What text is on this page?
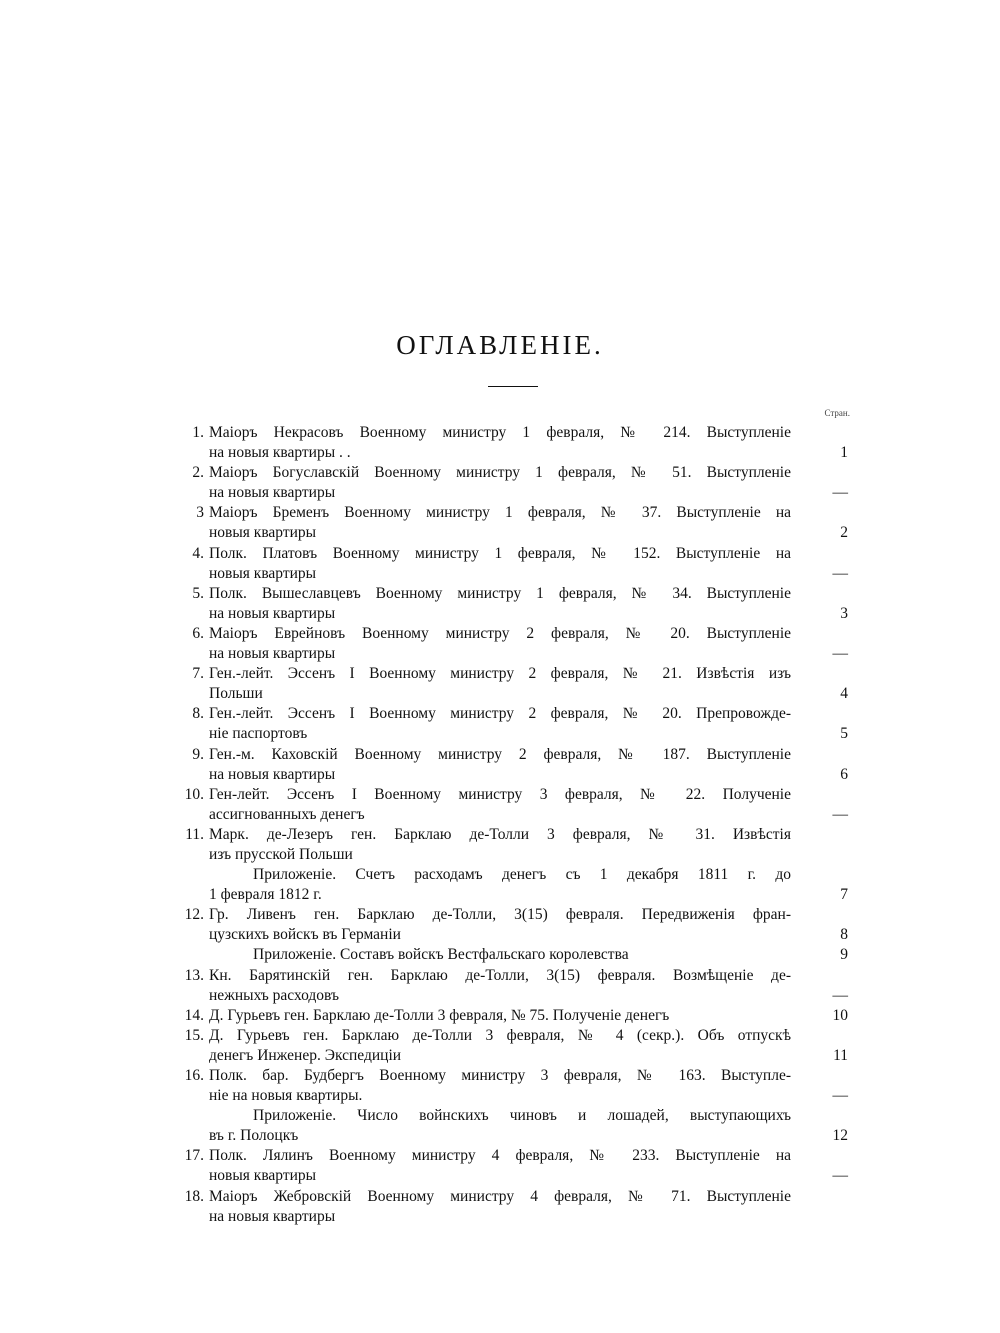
ОГЛАВЛЕНІЕ.
Стран.
1. Маіоръ Некрасовъ Военному министру 1 февраля, № 214. Выступленіе
на новыя квартиры . .	1
2. Маіоръ Богуславскій Военному министру 1 февраля, № 51. Выступленіе
на новыя квартиры	—
3 Маіоръ Бременъ Военному министру 1 февраля, № 37. Выступленіе на
новыя квартиры	2
4. Полк. Платовъ Военному министру 1 февраля, № 152. Выступленіе на
новыя квартиры	—
5. Полк. Вышеславцевъ Военному министру 1 февраля, № 34. Выступленіе
на новыя квартиры	3
6. Маіоръ Еврейновъ Военному министру 2 февраля, № 20. Выступленіе
на новыя квартиры	—
7. Ген.-лейт. Эссенъ I Военному министру 2 февраля, № 21. Извѣстія изъ
Польши	4
8. Ген.-лейт. Эссенъ I Военному министру 2 февраля, № 20. Препровожде-
ніе паспортовъ	5
9. Ген.-м. Каховскій Военному министру 2 февраля, № 187. Выступленіе
на новыя квартиры	6
10. Ген-лейт. Эссенъ I Военному министру 3 февраля, № 22. Полученіе
ассигнованныхъ денегъ	—
11. Марк. де-Лезеръ ген. Барклаю де-Толли 3 февраля, № 31. Извѣстія
изъ прусской Польши
Приложеніе. Счетъ расходамъ денегъ съ 1 декабря 1811 г. до
1 февраля 1812 г.	7
12. Гр. Ливенъ ген. Барклаю де-Толли, 3(15) февраля. Передвиженія фран-
цузскихъ войскъ въ Германіи	8
Приложеніе. Составъ войскъ Вестфальскаго королевства	9
13. Кн. Барятинскій ген. Барклаю де-Толли, 3(15) февраля. Возмѣщеніе де-
нежныхъ расходовъ	—
14. Д. Гурьевъ ген. Барклаю де-Толли 3 февраля, № 75. Полученіе денегъ	10
15. Д. Гурьевъ ген. Барклаю де-Толли 3 февраля, № 4 (секр.). Объ отпускѣ
денегъ Инженер. Экспедиціи	11
16. Полк. бар. Будбергъ Военному министру 3 февраля, № 163. Выступле-
ніе на новыя квартиры.	—
Приложеніе. Число войнскихъ чиновъ и лошадей, выступающихъ
въ г. Полоцкъ	12
17. Полк. Лялинъ Военному министру 4 февраля, № 233. Выступленіе на
новыя квартиры	—
18. Маіоръ Жебровскій Военному министру 4 февраля, № 71. Выступленіе
на новыя квартиры
